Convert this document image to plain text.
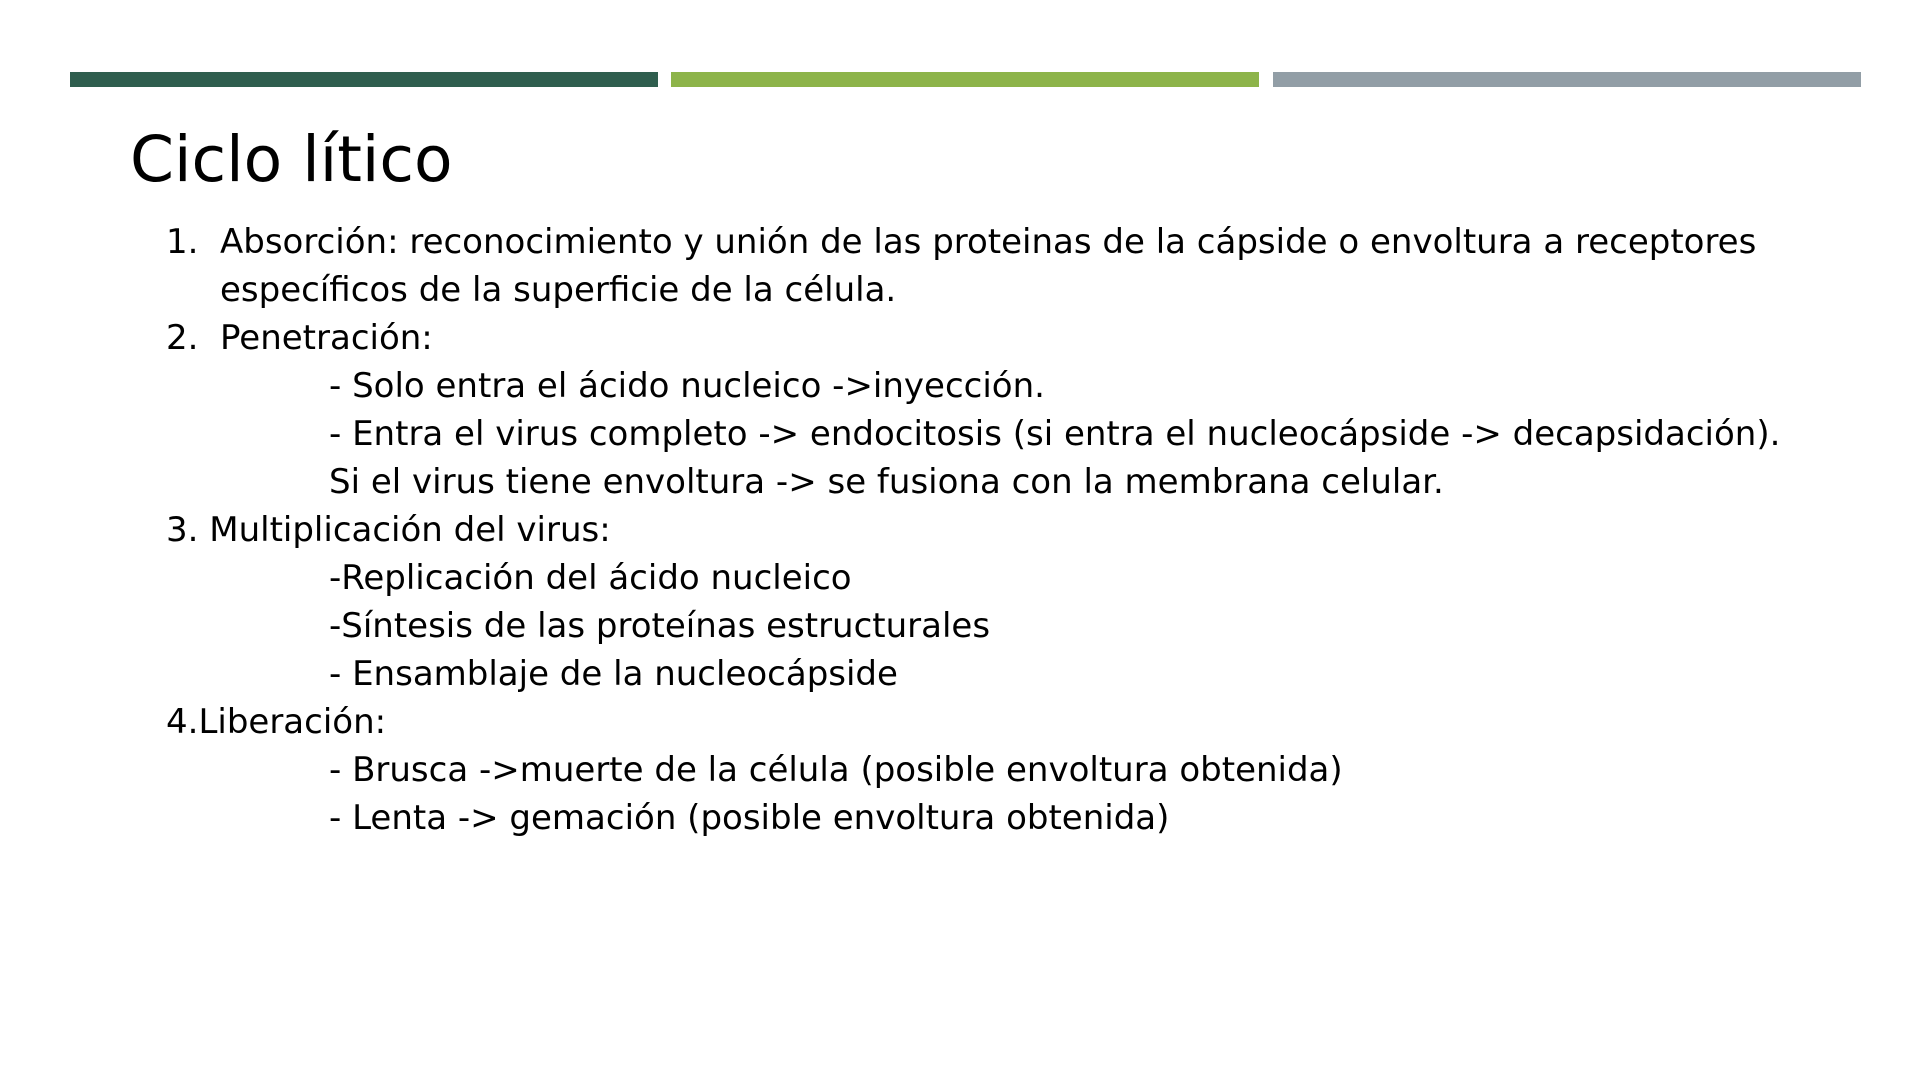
Ciclo lítico
1. Absorción: reconocimiento y unión de las proteinas de la cápside o envoltura a receptores
específicos de la superficie de la célula.
2. Penetración:
- Solo entra el ácido nucleico ->inyección.
- Entra el virus completo -> endocitosis (si entra el nucleocápside -> decapsidación).
Si el virus tiene envoltura -> se fusiona con la membrana celular.
3. Multiplicación del virus:
-Replicación del ácido nucleico
-Síntesis de las proteínas estructurales
- Ensamblaje de la nucleocápside
4.Liberación:
- Brusca ->muerte de la célula (posible envoltura obtenida)
- Lenta -> gemación (posible envoltura obtenida)
